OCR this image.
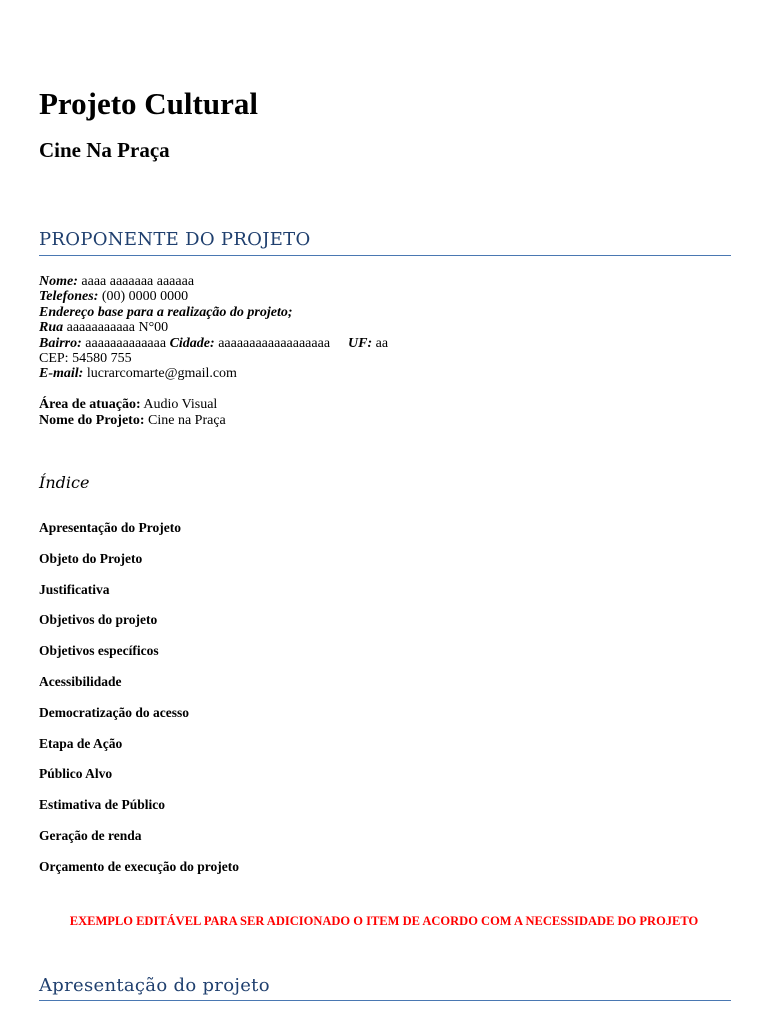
Projeto Cultural
Cine Na Praça
PROPONENTE DO PROJETO
Nome: aaaa aaaaaaa aaaaaa
Telefones: (00) 0000 0000
Endereço base para a realização do projeto;
Rua aaaaaaaaaaa N°00
Bairro: aaaaaaaaaaaaa Cidade: aaaaaaaaaaaaaaaaaa UF: aa
CEP: 54580 755
E-mail: lucrarcomarte@gmail.com
Área de atuação: Audio Visual
Nome do Projeto: Cine na Praça
Índice
Apresentação do Projeto
Objeto do Projeto
Justificativa
Objetivos do projeto
Objetivos específicos
Acessibilidade
Democratização do acesso
Etapa de Ação
Público Alvo
Estimativa de Público
Geração de renda
Orçamento de execução do projeto
EXEMPLO EDITÁVEL PARA SER ADICIONADO O ITEM DE ACORDO COM A NECESSIDADE DO PROJETO
Apresentação do projeto
